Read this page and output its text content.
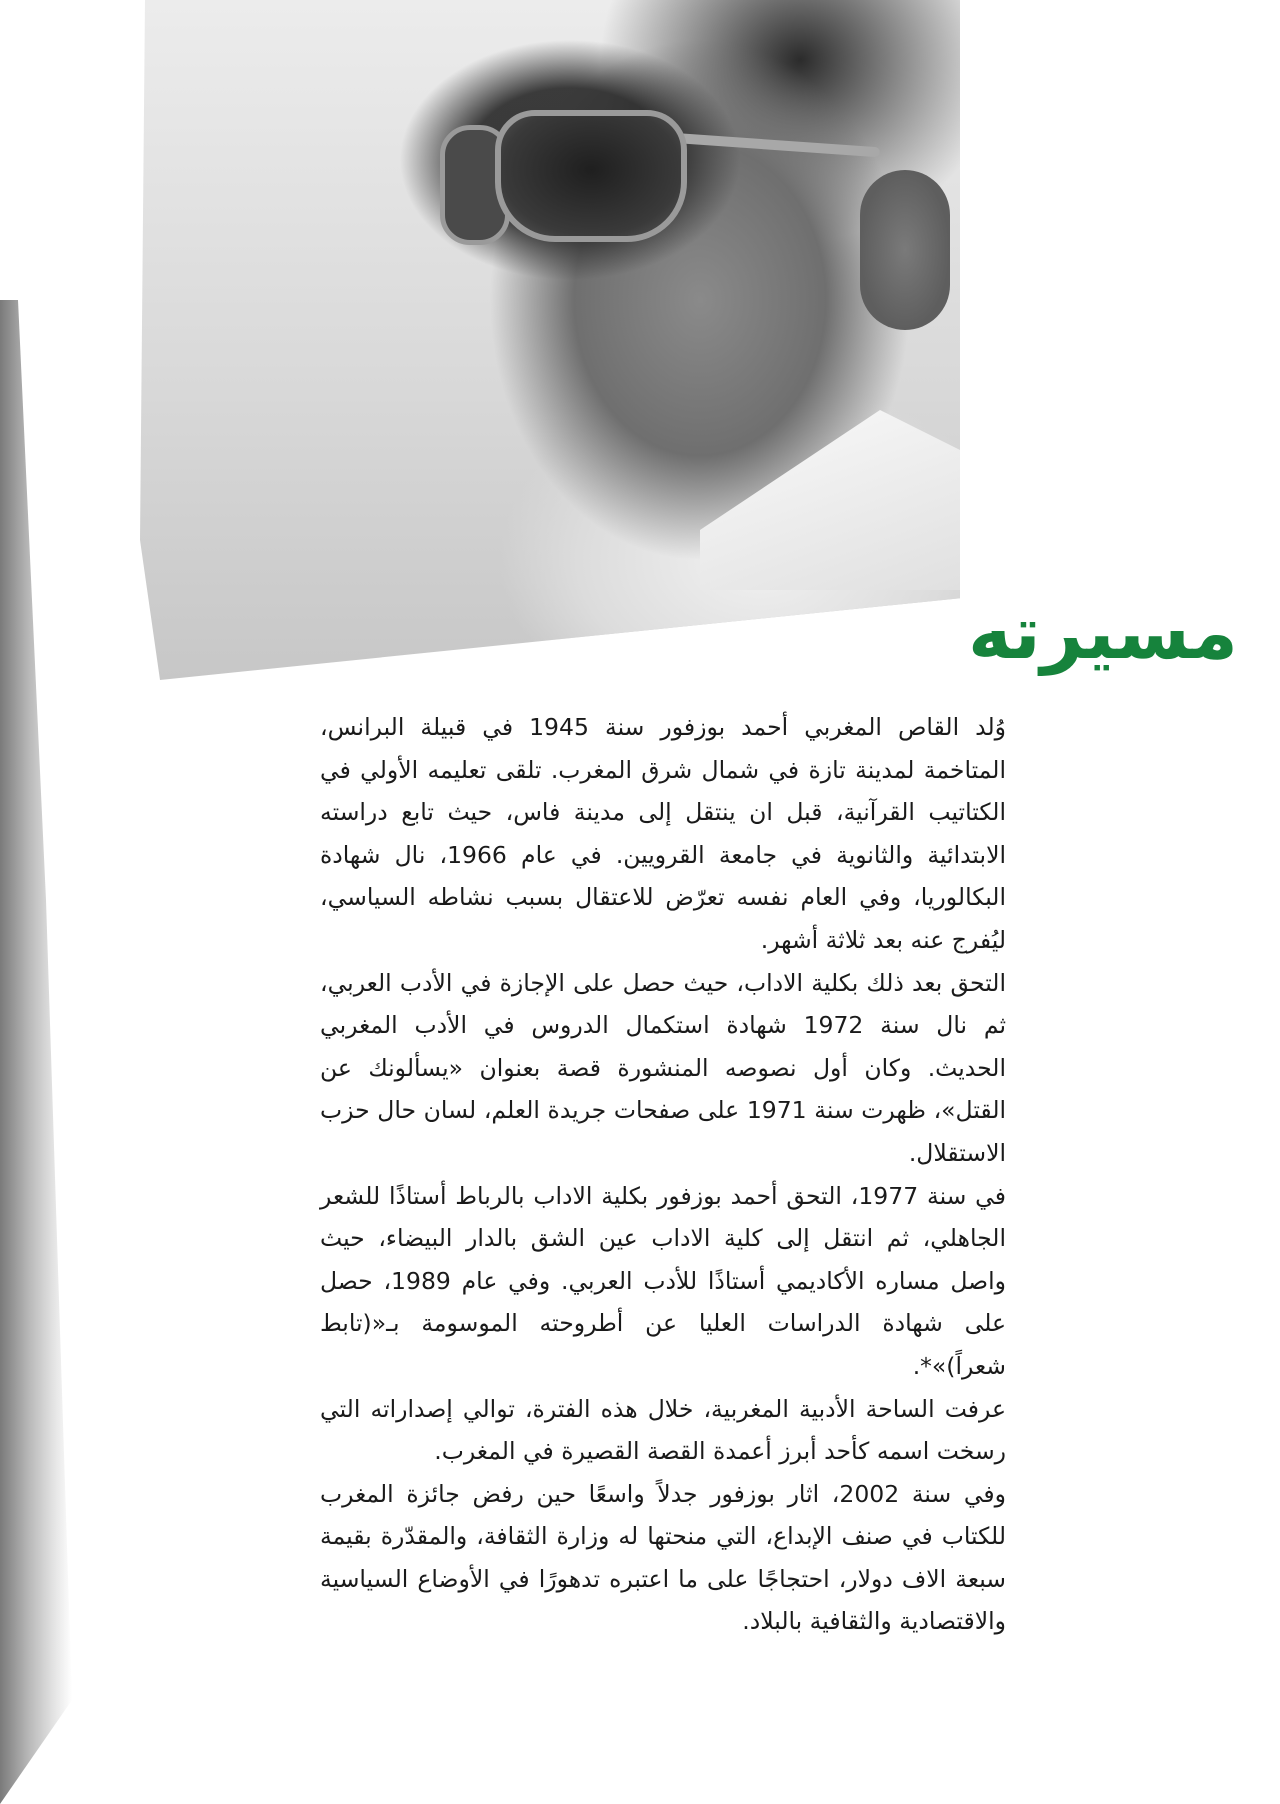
مسيرته

وُلد القاص المغربي أحمد بوزفور سنة 1945 في قبيلة البرانس، المتاخمة لمدينة تازة في شمال شرق المغرب. تلقى تعليمه الأولي في الكتاتيب القرآنية، قبل ان ينتقل إلى مدينة فاس، حيث تابع دراسته الابتدائية والثانوية في جامعة القرويين. في عام 1966، نال شهادة البكالوريا، وفي العام نفسه تعرّض للاعتقال بسبب نشاطه السياسي، ليُفرج عنه بعد ثلاثة أشهر.

التحق بعد ذلك بكلية الاداب، حيث حصل على الإجازة في الأدب العربي، ثم نال سنة 1972 شهادة استكمال الدروس في الأدب المغربي الحديث. وكان أول نصوصه المنشورة قصة بعنوان «يسألونك عن القتل»، ظهرت سنة 1971 على صفحات جريدة العلم، لسان حال حزب الاستقلال.

في سنة 1977، التحق أحمد بوزفور بكلية الاداب بالرباط أستاذًا للشعر الجاهلي، ثم انتقل إلى كلية الاداب عين الشق بالدار البيضاء، حيث واصل مساره الأكاديمي أستاذًا للأدب العربي. وفي عام 1989، حصل على شهادة الدراسات العليا عن أطروحته الموسومة بـ«(تابط شعراً)»*.

عرفت الساحة الأدبية المغربية، خلال هذه الفترة، توالي إصداراته التي رسخت اسمه كأحد أبرز أعمدة القصة القصيرة في المغرب.

وفي سنة 2002، اثار بوزفور جدلاً واسعًا حين رفض جائزة المغرب للكتاب في صنف الإبداع، التي منحتها له وزارة الثقافة، والمقدّرة بقيمة سبعة الاف دولار، احتجاجًا على ما اعتبره تدهورًا في الأوضاع السياسية والاقتصادية والثقافية بالبلاد.
